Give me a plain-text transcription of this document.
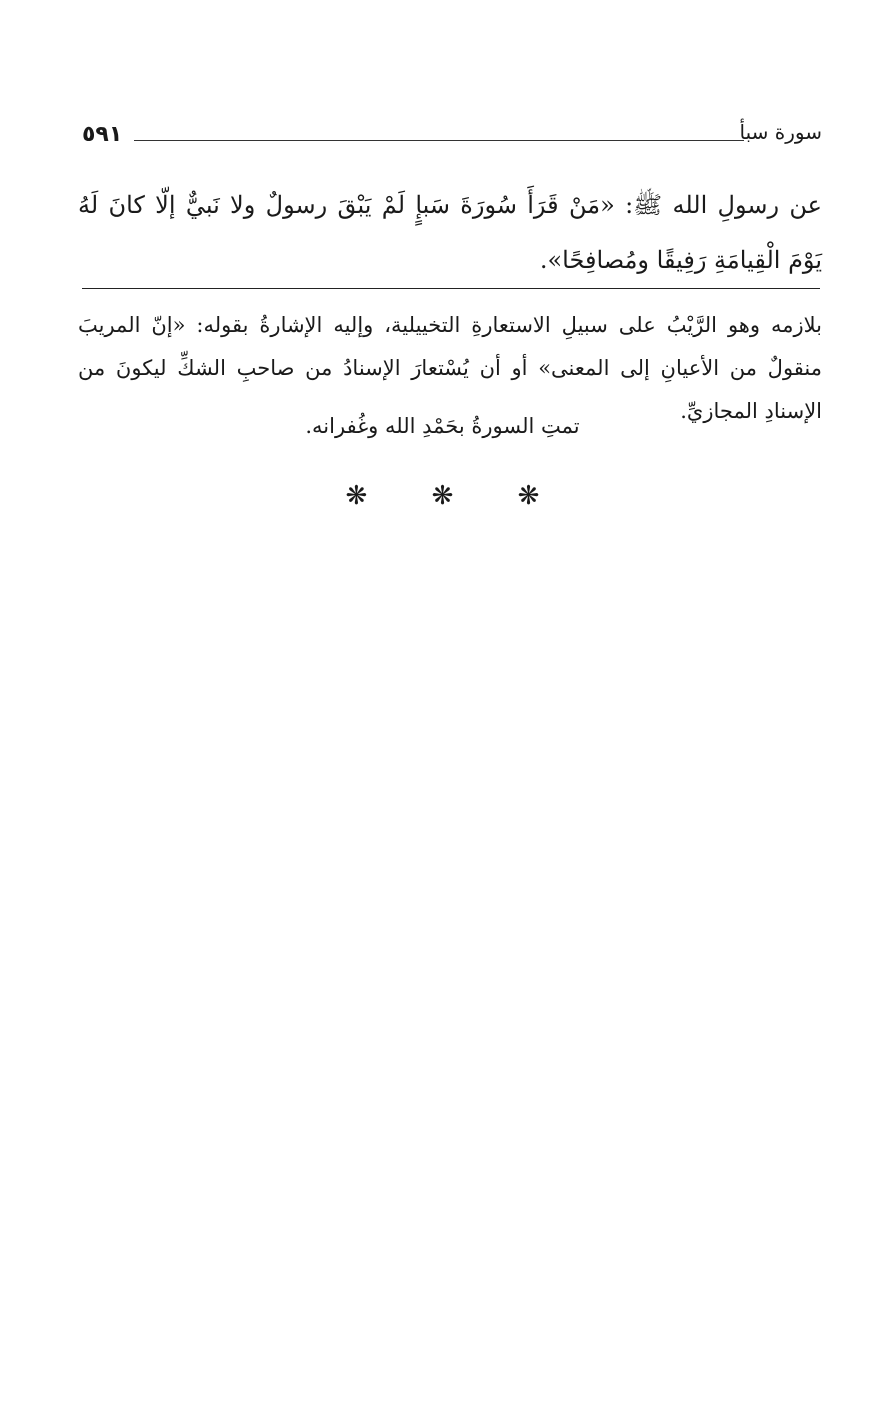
٥٩١	سورة سبأ
عن رسولِ الله ﷺ: «مَنْ قَرَأَ سُورَةَ سَبإٍ لَمْ يَبْقَ رسولٌ ولا نَبيٌّ إلّا كانَ لَهُ يَوْمَ الْقِيامَةِ رَفِيقًا ومُصافِحًا».
بلازمه وهو الرَّيْبُ على سبيلِ الاستعارةِ التخييلية، وإليه الإشارةُ بقوله: «إنّ المريبَ منقولٌ من الأعيانِ إلى المعنى» أو أن يُسْتعارَ الإسنادُ من صاحبِ الشكِّ ليكونَ من الإسنادِ المجازيِّ.
تمتِ السورةُ بحَمْدِ الله وغُفرانه.
❋ ❋ ❋
